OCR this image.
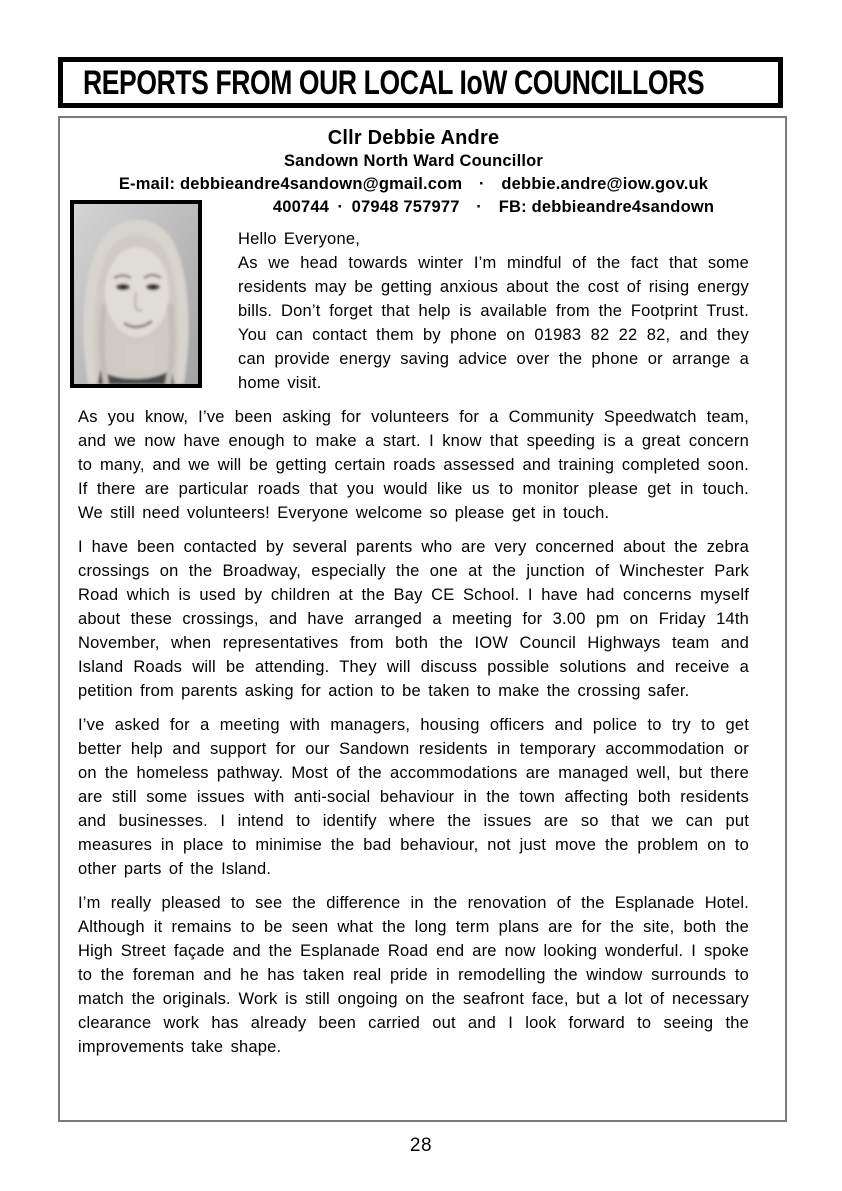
REPORTS FROM OUR LOCAL IoW COUNCILLORS
Cllr Debbie Andre
Sandown North Ward Councillor
E-mail: debbieandre4sandown@gmail.com · debbie.andre@iow.gov.uk
400744 · 07948 757977 · FB: debbieandre4sandown
Hello Everyone,

As we head towards winter I’m mindful of the fact that some residents may be getting anxious about the cost of rising energy bills. Don’t forget that help is available from the Footprint Trust. You can contact them by phone on 01983 82 22 82, and they can provide energy saving advice over the phone or arrange a home visit.

As you know, I’ve been asking for volunteers for a Community Speedwatch team, and we now have enough to make a start. I know that speeding is a great concern to many, and we will be getting certain roads assessed and training completed soon. If there are particular roads that you would like us to monitor please get in touch. We still need volunteers! Everyone welcome so please get in touch.

I have been contacted by several parents who are very concerned about the zebra crossings on the Broadway, especially the one at the junction of Winchester Park Road which is used by children at the Bay CE School. I have had concerns myself about these crossings, and have arranged a meeting for 3.00 pm on Friday 14th November, when representatives from both the IOW Council Highways team and Island Roads will be attending. They will discuss possible solutions and receive a petition from parents asking for action to be taken to make the crossing safer.

I’ve asked for a meeting with managers, housing officers and police to try to get better help and support for our Sandown residents in temporary accommodation or on the homeless pathway. Most of the accommodations are managed well, but there are still some issues with anti-social behaviour in the town affecting both residents and businesses. I intend to identify where the issues are so that we can put measures in place to minimise the bad behaviour, not just move the problem on to other parts of the Island.

I’m really pleased to see the difference in the renovation of the Esplanade Hotel. Although it remains to be seen what the long term plans are for the site, both the High Street façade and the Esplanade Road end are now looking wonderful. I spoke to the foreman and he has taken real pride in remodelling the window surrounds to match the originals. Work is still ongoing on the seafront face, but a lot of necessary clearance work has already been carried out and I look forward to seeing the improvements take shape.

28
